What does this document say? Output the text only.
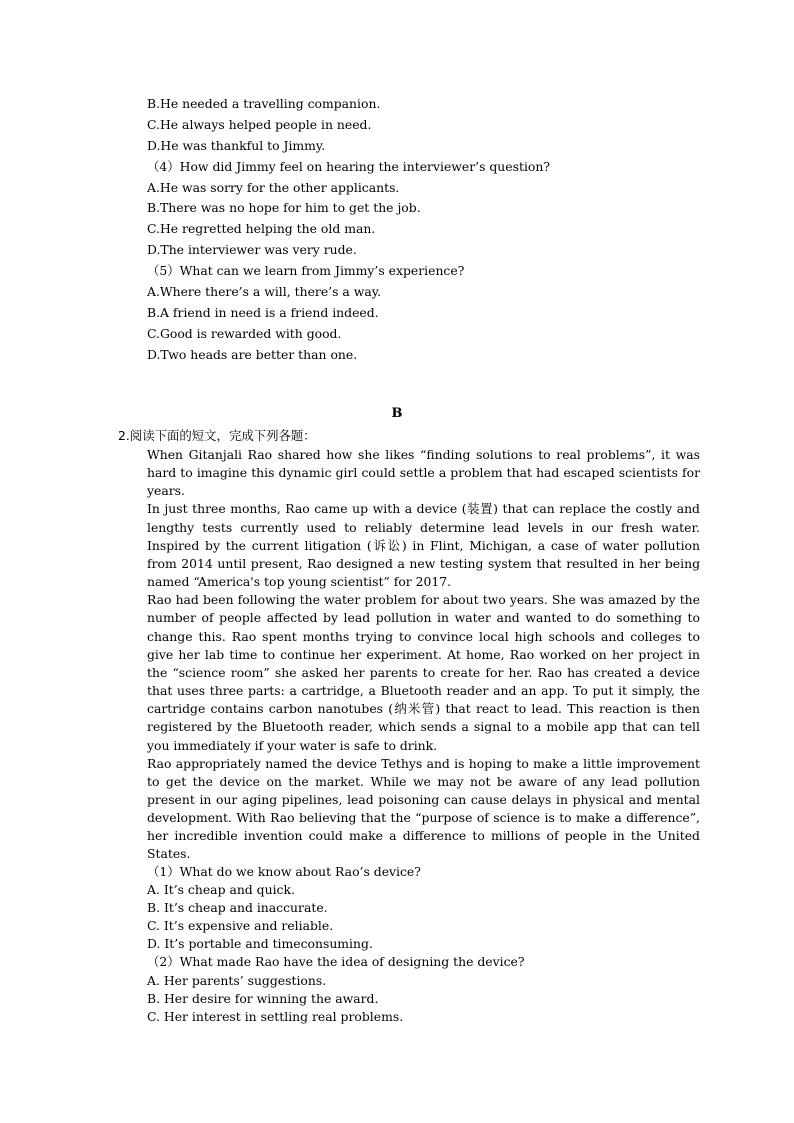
B.He needed a travelling companion.
C.He always helped people in need.
D.He was thankful to Jimmy.
（4）How did Jimmy feel on hearing the interviewer’s question?
A.He was sorry for the other applicants.
B.There was no hope for him to get the job.
C.He regretted helping the old man.
D.The interviewer was very rude.
（5）What can we learn from Jimmy’s experience?
A.Where there’s a will, there’s a way.
B.A friend in need is a friend indeed.
C.Good is rewarded with good.
D.Two heads are better than one.
B
2.阅读下面的短文，完成下列各题：

When Gitanjali Rao shared how she likes “finding solutions to real problems”, it was hard to imagine this dynamic girl could settle a problem that had escaped scientists for years.

In just three months, Rao came up with a device (装置) that can replace the costly and lengthy tests currently used to reliably determine lead levels in our fresh water. Inspired by the current litigation (诉讼) in Flint, Michigan, a case of water pollution from 2014 until present, Rao designed a new testing system that resulted in her being named “America's top young scientist” for 2017.

Rao had been following the water problem for about two years. She was amazed by the number of people affected by lead pollution in water and wanted to do something to change this. Rao spent months trying to convince local high schools and colleges to give her lab time to continue her experiment. At home, Rao worked on her project in the “science room” she asked her parents to create for her. Rao has created a device that uses three parts: a cartridge, a Bluetooth reader and an app. To put it simply, the cartridge contains carbon nanotubes (纳米管) that react to lead. This reaction is then registered by the Bluetooth reader, which sends a signal to a mobile app that can tell you immediately if your water is safe to drink.

Rao appropriately named the device Tethys and is hoping to make a little improvement to get the device on the market. While we may not be aware of any lead pollution present in our aging pipelines, lead poisoning can cause delays in physical and mental development. With Rao believing that the “purpose of science is to make a difference”, her incredible invention could make a difference to millions of people in the United States.

（1）What do we know about Rao’s device?
A. It’s cheap and quick.
B. It’s cheap and inaccurate.
C. It’s expensive and reliable.
D. It’s portable and timeconsuming.
（2）What made Rao have the idea of designing the device?
A. Her parents’ suggestions.
B. Her desire for winning the award.
C. Her interest in settling real problems.
